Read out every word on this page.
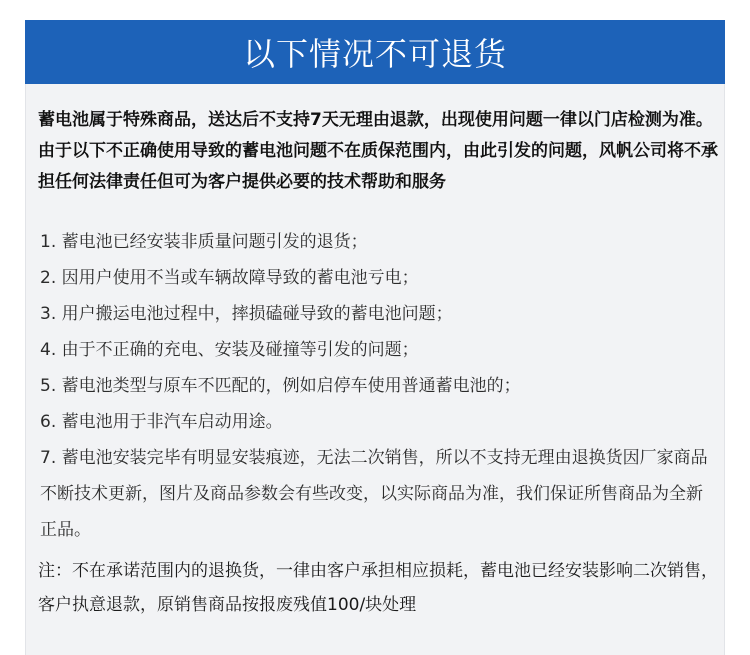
以下情况不可退货

蓄电池属于特殊商品，送达后不支持7天无理由退款，出现使用问题一律以门店检测为准。由于以下不正确使用导致的蓄电池问题不在质保范围内，由此引发的问题，风帆公司将不承担任何法律责任但可为客户提供必要的技术帮助和服务

1. 蓄电池已经安装非质量问题引发的退货；
2. 因用户使用不当或车辆故障导致的蓄电池亏电；
3. 用户搬运电池过程中，摔损磕碰导致的蓄电池问题；
4. 由于不正确的充电、安装及碰撞等引发的问题；
5. 蓄电池类型与原车不匹配的，例如启停车使用普通蓄电池的；
6. 蓄电池用于非汽车启动用途。
7. 蓄电池安装完毕有明显安装痕迹，无法二次销售，所以不支持无理由退换货因厂家商品不断技术更新，图片及商品参数会有些改变，以实际商品为准，我们保证所售商品为全新正品。

注：不在承诺范围内的退换货，一律由客户承担相应损耗，蓄电池已经安装影响二次销售，客户执意退款，原销售商品按报废残值100/块处理
